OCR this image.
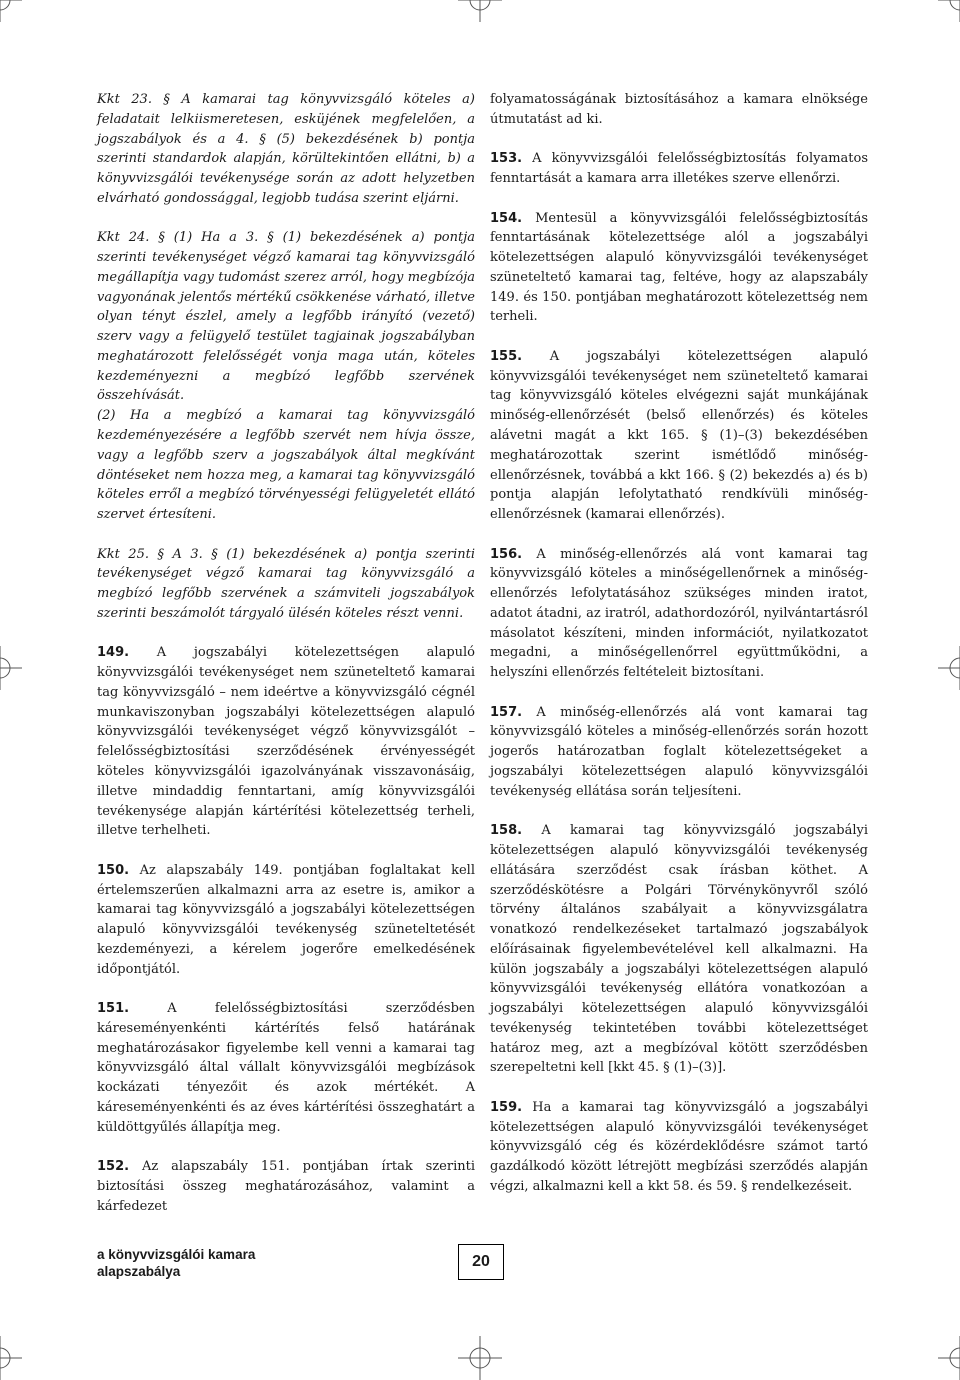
Kkt 23. § A kamarai tag könyvvizsgáló köteles a) feladatait lelkiismeretesen, esküjének megfelelően, a jogszabályok és a 4. § (5) bekezdésének b) pontja szerinti standardok alapján, körültekintően ellátni, b) a könyvvizsgálói tevékenysége során az adott helyzetben elvárható gondossággal, legjobb tudása szerint eljárni.

Kkt 24. § (1) Ha a 3. § (1) bekezdésének a) pontja szerinti tevékenységet végző kamarai tag könyvvizsgáló megállapítja vagy tudomást szerez arról, hogy megbízója vagyonának jelentős mértékű csökkenése várható, illetve olyan tényt észlel, amely a legfőbb irányító (vezető) szerv vagy a felügyelő testület tagjainak jogszabályban meghatározott felelősségét vonja maga után, köteles kezdeményezni a megbízó legfőbb szervének összehívását.

(2) Ha a megbízó a kamarai tag könyvvizsgáló kezdeményezésére a legfőbb szervét nem hívja össze, vagy a legfőbb szerv a jogszabályok által megkívánt döntéseket nem hozza meg, a kamarai tag könyvvizsgáló köteles erről a megbízó törvényességi felügyeletét ellátó szervet értesíteni.

Kkt 25. § A 3. § (1) bekezdésének a) pontja szerinti tevékenységet végző kamarai tag könyvvizsgáló a megbízó legfőbb szervének a számviteli jogszabályok szerinti beszámolót tárgyaló ülésén köteles részt venni.

149. A jogszabályi kötelezettségen alapuló könyvvizsgálói tevékenységet nem szüneteltető kamarai tag könyvvizsgáló – nem ideértve a könyvvizsgáló cégnél munkaviszonyban jogszabályi kötelezettségen alapuló könyvvizsgálói tevékenységet végző könyvvizsgálót – felelősségbiztosítási szerződésének érvényességét köteles könyvvizsgálói igazolványának visszavonásáig, illetve mindaddig fenntartani, amíg könyvvizsgálói tevékenysége alapján kártérítési kötelezettség terheli, illetve terhelheti.

150. Az alapszabály 149. pontjában foglaltakat kell értelemszerűen alkalmazni arra az esetre is, amikor a kamarai tag könyvvizsgáló a jogszabályi kötelezettségen alapuló könyvvizsgálói tevékenység szüneteltetését kezdeményezi, a kérelem jogerőre emelkedésének időpontjától.

151. A felelősségbiztosítási szerződésben káreseményenkénti kártérítés felső határának meghatározásakor figyelembe kell venni a kamarai tag könyvvizsgáló által vállalt könyvvizsgálói megbízások kockázati tényezőit és azok mértékét. A káreseményenkénti és az éves kártérítési összeghatárt a küldöttgyűlés állapítja meg.

152. Az alapszabály 151. pontjában írtak szerinti biztosítási összeg meghatározásához, valamint a kárfedezet

folyamatosságának biztosításához a kamara elnöksége útmutatást ad ki.

153. A könyvvizsgálói felelősségbiztosítás folyamatos fenntartását a kamara arra illetékes szerve ellenőrzi.

154. Mentesül a könyvvizsgálói felelősségbiztosítás fenntartásának kötelezettsége alól a jogszabályi kötelezettségen alapuló könyvvizsgálói tevékenységet szüneteltető kamarai tag, feltéve, hogy az alapszabály 149. és 150. pontjában meghatározott kötelezettség nem terheli.

155. A jogszabályi kötelezettségen alapuló könyvvizsgálói tevékenységet nem szüneteltető kamarai tag könyvvizsgáló köteles elvégezni saját munkájának minőség-ellenőrzését (belső ellenőrzés) és köteles alávetni magát a kkt 165. § (1)–(3) bekezdésében meghatározottak szerint ismétlődő minőség-ellenőrzésnek, továbbá a kkt 166. § (2) bekezdés a) és b) pontja alapján lefolytatható rendkívüli minőség-ellenőrzésnek (kamarai ellenőrzés).

156. A minőség-ellenőrzés alá vont kamarai tag könyvvizsgáló köteles a minőségellenőrnek a minőség-ellenőrzés lefolytatásához szükséges minden iratot, adatot átadni, az iratról, adathordozóról, nyilvántartásról másolatot készíteni, minden információt, nyilatkozatot megadni, a minőségellenőrrel együttműködni, a helyszíni ellenőrzés feltételeit biztosítani.

157. A minőség-ellenőrzés alá vont kamarai tag könyvvizsgáló köteles a minőség-ellenőrzés során hozott jogerős határozatban foglalt kötelezettségeket a jogszabályi kötelezettségen alapuló könyvvizsgálói tevékenység ellátása során teljesíteni.

158. A kamarai tag könyvvizsgáló jogszabályi kötelezettségen alapuló könyvvizsgálói tevékenység ellátására szerződést csak írásban köthet. A szerződéskötésre a Polgári Törvénykönyvről szóló törvény általános szabályait a könyvvizsgálatra vonatkozó rendelkezéseket tartalmazó jogszabályok előírásainak figyelembevételével kell alkalmazni. Ha külön jogszabály a jogszabályi kötelezettségen alapuló könyvvizsgálói tevékenység ellátóra vonatkozóan a jogszabályi kötelezettségen alapuló könyvvizsgálói tevékenység tekintetében további kötelezettséget határoz meg, azt a megbízóval kötött szerződésben szerepeltetni kell [kkt 45. § (1)–(3)].

159. Ha a kamarai tag könyvvizsgáló a jogszabályi kötelezettségen alapuló könyvvizsgálói tevékenységet könyvvizsgáló cég és közérdeklődésre számot tartó gazdálkodó között létrejött megbízási szerződés alapján végzi, alkalmazni kell a kkt 58. és 59. § rendelkezéseit.

a könyvvizsgálói kamara
alapszabálya
20
